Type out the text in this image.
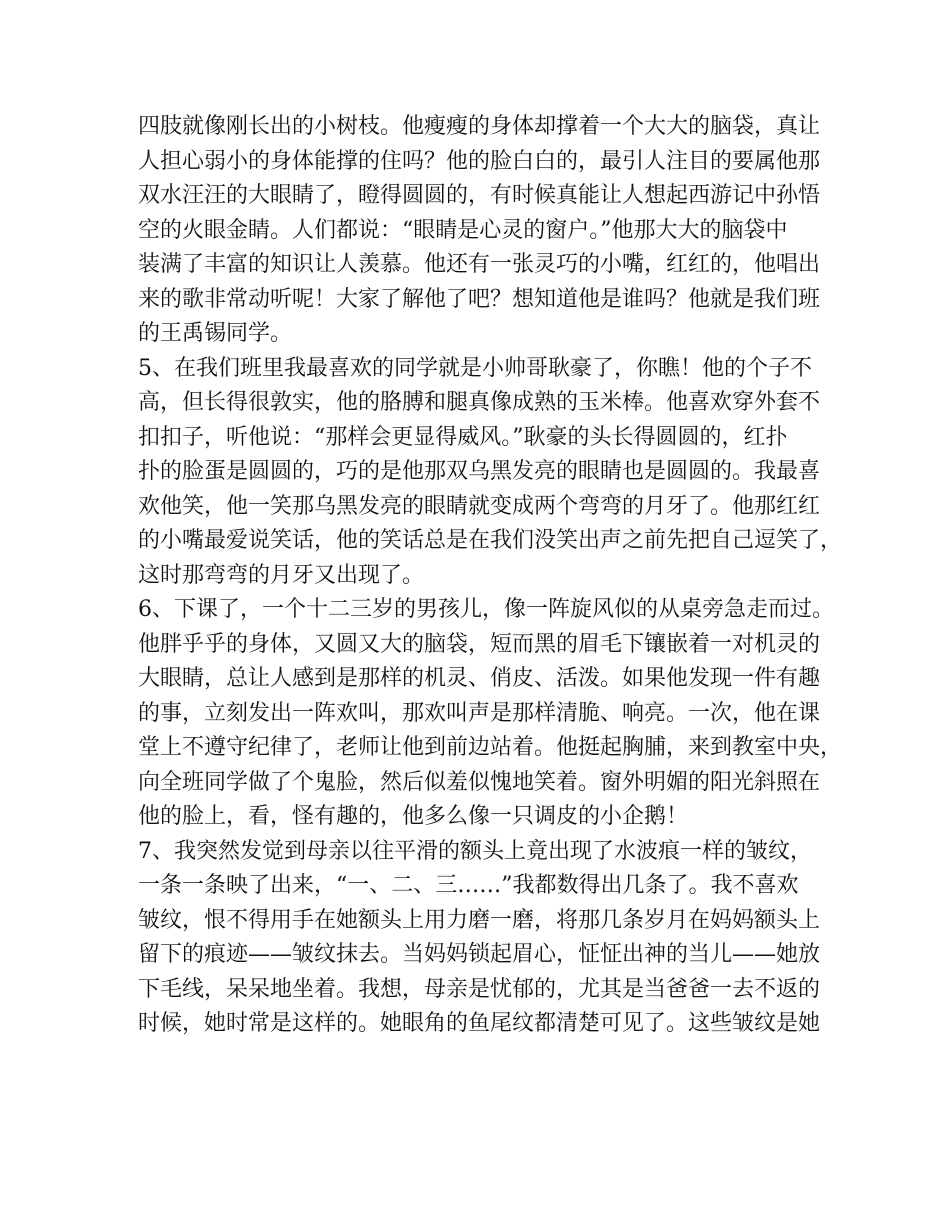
四肢就像刚长出的小树枝。他瘦瘦的身体却撑着一个大大的脑袋，真让
人担心弱小的身体能撑的住吗？他的脸白白的，最引人注目的要属他那
双水汪汪的大眼睛了，瞪得圆圆的，有时候真能让人想起西游记中孙悟
空的火眼金睛。人们都说：“眼睛是心灵的窗户。”他那大大的脑袋中
装满了丰富的知识让人羡慕。他还有一张灵巧的小嘴，红红的，他唱出
来的歌非常动听呢！大家了解他了吧？想知道他是谁吗？他就是我们班
的王禹锡同学。
5、在我们班里我最喜欢的同学就是小帅哥耿豪了，你瞧！他的个子不
高，但长得很敦实，他的胳膊和腿真像成熟的玉米棒。他喜欢穿外套不
扣扣子，听他说：“那样会更显得威风。”耿豪的头长得圆圆的，红扑
扑的脸蛋是圆圆的，巧的是他那双乌黑发亮的眼睛也是圆圆的。我最喜
欢他笑，他一笑那乌黑发亮的眼睛就变成两个弯弯的月牙了。他那红红
的小嘴最爱说笑话，他的笑话总是在我们没笑出声之前先把自己逗笑了，
这时那弯弯的月牙又出现了。
6、下课了，一个十二三岁的男孩儿，像一阵旋风似的从桌旁急走而过。
他胖乎乎的身体，又圆又大的脑袋，短而黑的眉毛下镶嵌着一对机灵的
大眼睛，总让人感到是那样的机灵、俏皮、活泼。如果他发现一件有趣
的事，立刻发出一阵欢叫，那欢叫声是那样清脆、响亮。一次，他在课
堂上不遵守纪律了，老师让他到前边站着。他挺起胸脯，来到教室中央，
向全班同学做了个鬼脸，然后似羞似愧地笑着。窗外明媚的阳光斜照在
他的脸上，看，怪有趣的，他多么像一只调皮的小企鹅！
7、我突然发觉到母亲以往平滑的额头上竟出现了水波痕一样的皱纹，
一条一条映了出来，“一、二、三……”我都数得出几条了。我不喜欢
皱纹，恨不得用手在她额头上用力磨一磨，将那几条岁月在妈妈额头上
留下的痕迹——皱纹抹去。当妈妈锁起眉心，怔怔出神的当儿——她放
下毛线，呆呆地坐着。我想，母亲是忧郁的，尤其是当爸爸一去不返的
时候，她时常是这样的。她眼角的鱼尾纹都清楚可见了。这些皱纹是她
